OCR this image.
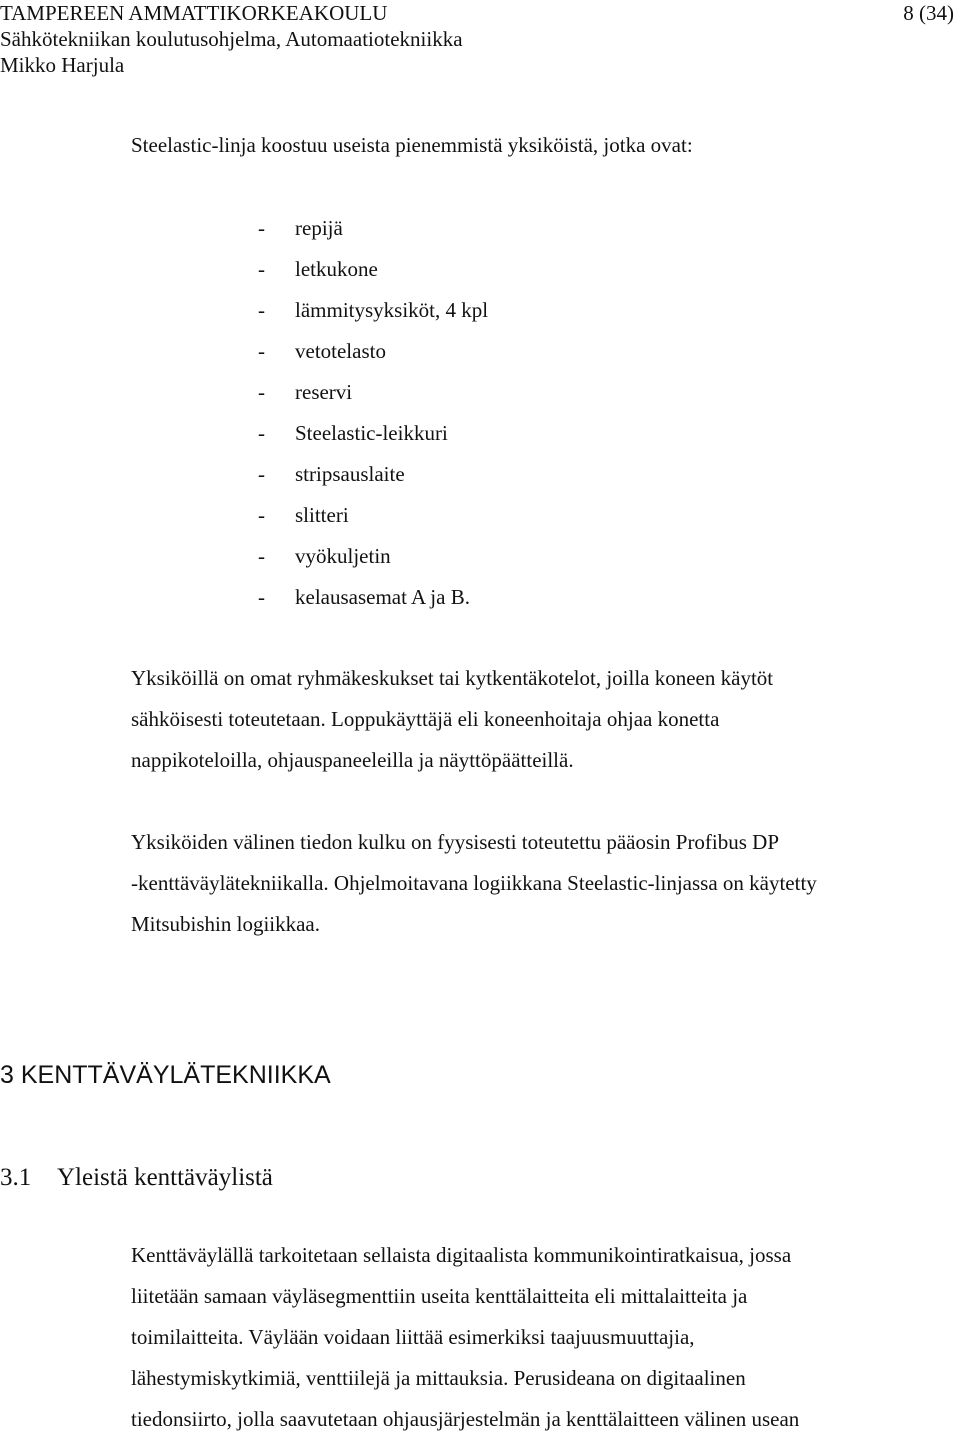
TAMPEREEN AMMATTIKORKEAKOULU
Sähkötekniikan koulutusohjelma, Automaatiotekniikka
Mikko Harjula
8 (34)

Steelastic-linja koostuu useista pienemmistä yksiköistä, jotka ovat:

-	repijä
-	letkukone
-	lämmitysyksiköt, 4 kpl
-	vetotelasto
-	reservi
-	Steelastic-leikkuri
-	stripsauslaite
-	slitteri
-	vyökuljetin
-	kelausasemat A ja B.
Yksiköillä on omat ryhmäkeskukset tai kytkentäkotelot, joilla koneen käytöt
sähköisesti toteutetaan. Loppukäyttäjä eli koneenhoitaja ohjaa konetta
nappikoteloilla, ohjauspaneeleilla ja näyttöpäätteillä.
Yksiköiden välinen tiedon kulku on fyysisesti toteutettu pääosin Profibus DP
-kenttäväylätekniikalla. Ohjelmoitavana logiikkana Steelastic-linjassa on käytetty
Mitsubishin logiikkaa.
3 KENTTÄVÄYLÄTEKNIIKKA
3.1 Yleistä kenttäväylistä
Kenttäväylällä tarkoitetaan sellaista digitaalista kommunikointiratkaisua, jossa
liitetään samaan väyläsegmenttiin useita kenttälaitteita eli mittalaitteita ja
toimilaitteita. Väylään voidaan liittää esimerkiksi taajuusmuuttajia,
lähestymiskytkimiä, venttiilejä ja mittauksia. Perusideana on digitaalinen
tiedonsiirto, jolla saavutetaan ohjausjärjestelmän ja kenttälaitteen välinen usean
